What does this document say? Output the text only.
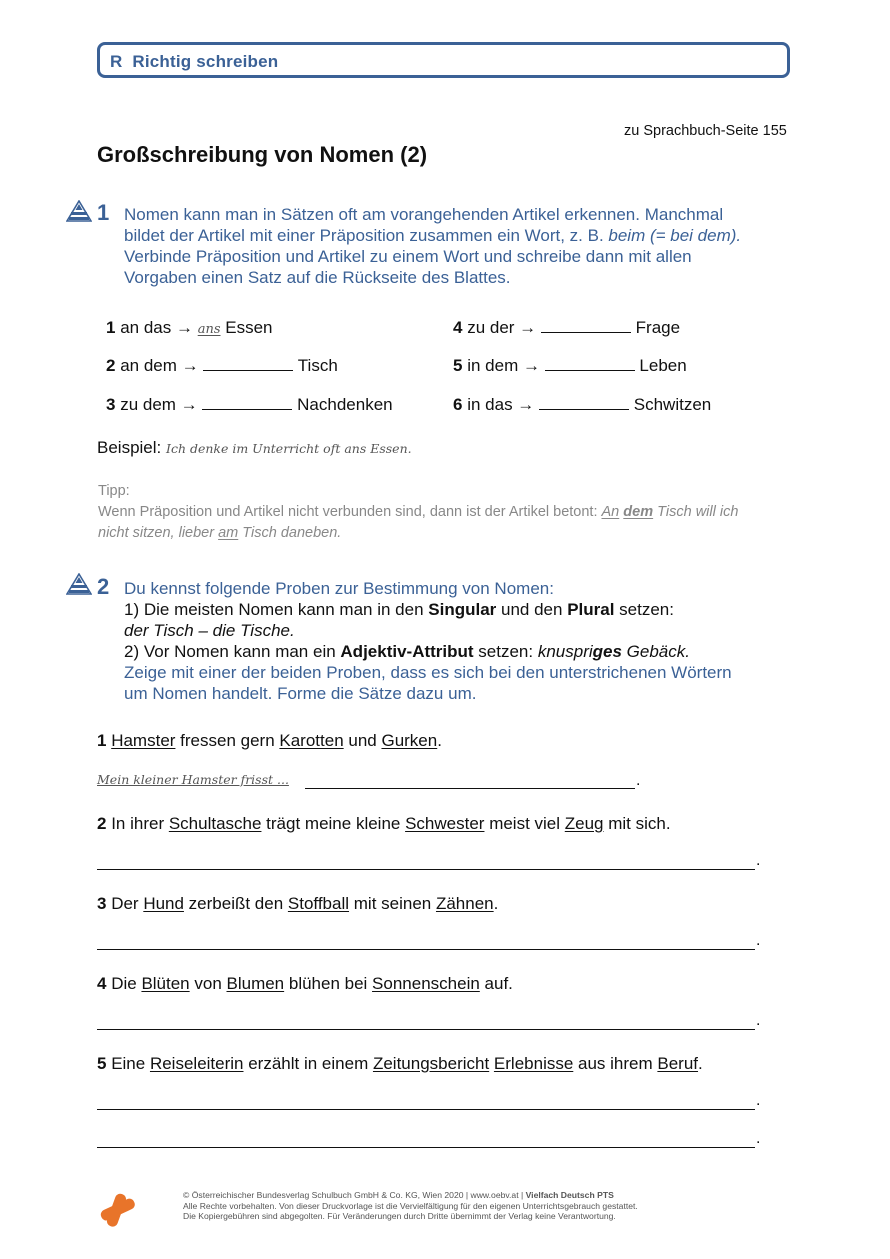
R Richtig schreiben
zu Sprachbuch-Seite 155
Großschreibung von Nomen (2)
1 Nomen kann man in Sätzen oft am vorangehenden Artikel erkennen. Manchmal
bildet der Artikel mit einer Präposition zusammen ein Wort, z. B. beim (= bei dem).
Verbinde Präposition und Artikel zu einem Wort und schreibe dann mit allen
Vorgaben einen Satz auf die Rückseite des Blattes.
1 an das → ans Essen
2 an dem →	Tisch
3 zu dem →	Nachdenken
4 zu der →	Frage
5 in dem →	Leben
6 in das →	Schwitzen
Beispiel: Ich denke im Unterricht oft ans Essen.
Tipp:
Wenn Präposition und Artikel nicht verbunden sind, dann ist der Artikel betont: An dem Tisch will ich
nicht sitzen, lieber am Tisch daneben.
2 Du kennst folgende Proben zur Bestimmung von Nomen:
1) Die meisten Nomen kann man in den Singular und den Plural setzen:
der Tisch – die Tische.
2) Vor Nomen kann man ein Adjektiv-Attribut setzen: knuspriges Gebäck.
Zeige mit einer der beiden Proben, dass es sich bei den unterstrichenen Wörtern
um Nomen handelt. Forme die Sätze dazu um.
1 Hamster fressen gern Karotten und Gurken.
Mein kleiner Hamster frisst ...	.
2 In ihrer Schultasche trägt meine kleine Schwester meist viel Zeug mit sich.
.
3 Der Hund zerbeißt den Stoffball mit seinen Zähnen.
.
4 Die Blüten von Blumen blühen bei Sonnenschein auf.
.
5 Eine Reiseleiterin erzählt in einem Zeitungsbericht Erlebnisse aus ihrem Beruf.
.
.
© Österreichischer Bundesverlag Schulbuch GmbH & Co. KG, Wien 2020 | www.oebv.at | Vielfach Deutsch PTS
Alle Rechte vorbehalten. Von dieser Druckvorlage ist die Vervielfältigung für den eigenen Unterrichtsgebrauch gestattet.
Die Kopiergebühren sind abgegolten. Für Veränderungen durch Dritte übernimmt der Verlag keine Verantwortung.
